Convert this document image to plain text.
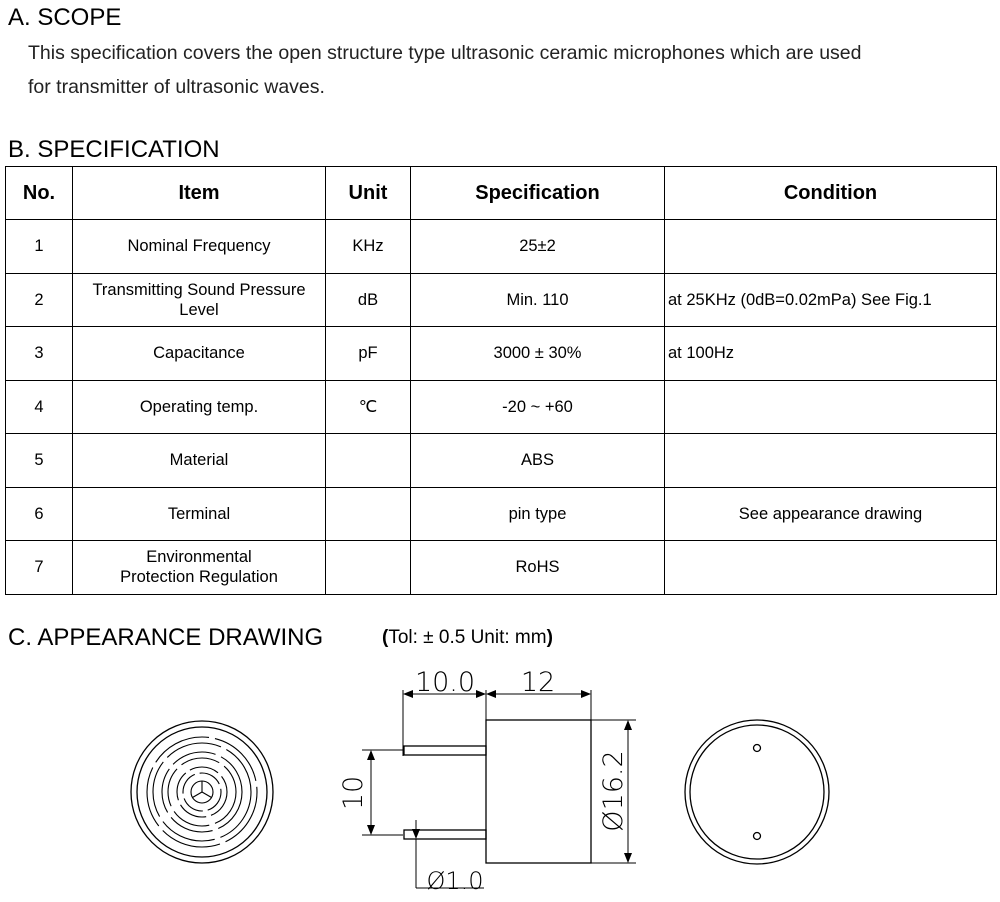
A. SCOPE
This specification covers the open structure type ultrasonic ceramic microphones which are used
for transmitter of ultrasonic waves.
B. SPECIFICATION
No.	Item	Unit	Specification	Condition
1	Nominal Frequency	KHz	25±2	
2	Transmitting Sound Pressure
Level	dB	Min. 110	at 25KHz (0dB=0.02mPa) See Fig.1
3	Capacitance	pF	3000 ± 30%	at 100Hz
4	Operating temp.	℃	-20 ~ +60	
5	Material		ABS	
6	Terminal		pin type	See appearance drawing
7	Environmental
Protection Regulation		RoHS	
C. APPEARANCE DRAWING	(Tol: ± 0.5 Unit: mm)
10.0 12
10	Ø16.2
Ø1.0
